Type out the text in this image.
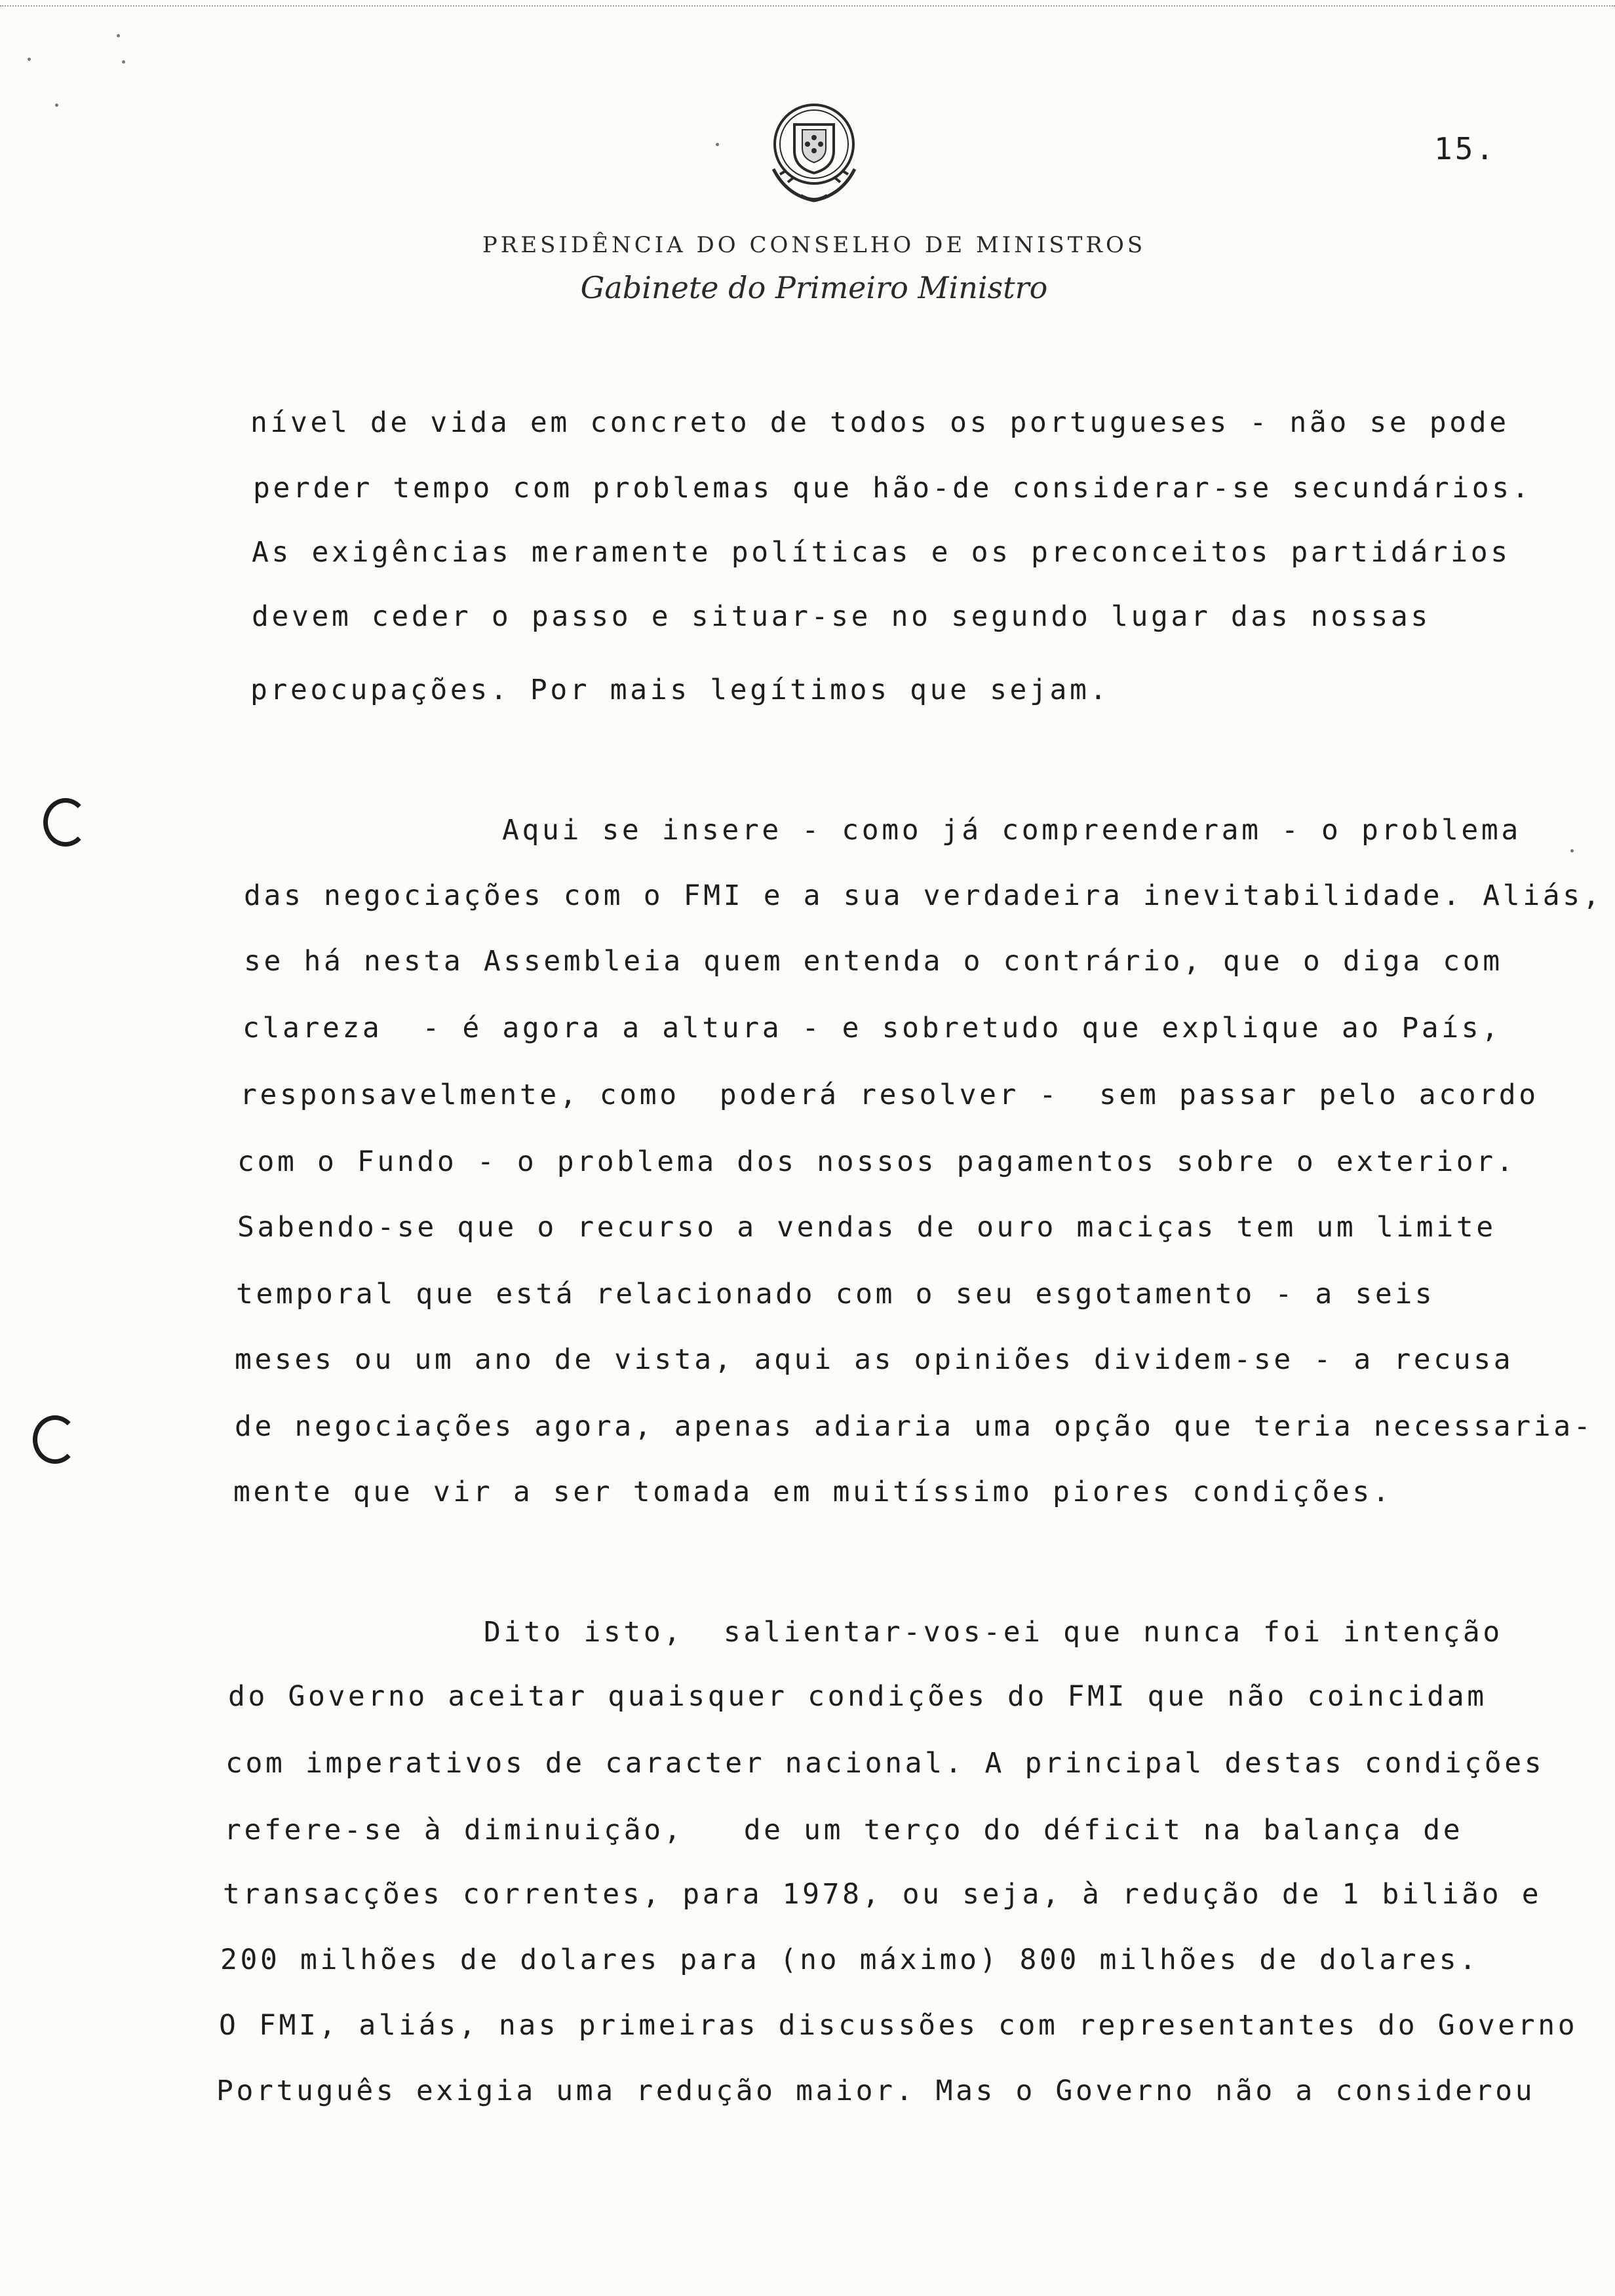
15.
PRESIDÊNCIA DO CONSELHO DE MINISTROS
Gabinete do Primeiro Ministro
nível de vida em concreto de todos os portugueses - não se pode
perder tempo com problemas que hão-de considerar-se secundários.
As exigências meramente políticas e os preconceitos partidários
devem ceder o passo e situar-se no segundo lugar das nossas
preocupações. Por mais legítimos que sejam.
Aqui se insere - como já compreenderam - o problema
das negociações com o FMI e a sua verdadeira inevitabilidade. Aliás,
se há nesta Assembleia quem entenda o contrário, que o diga com
clareza  - é agora a altura - e sobretudo que explique ao País,
responsavelmente, como  poderá resolver -  sem passar pelo acordo
com o Fundo - o problema dos nossos pagamentos sobre o exterior.
Sabendo-se que o recurso a vendas de ouro maciças tem um limite
temporal que está relacionado com o seu esgotamento - a seis
meses ou um ano de vista, aqui as opiniões dividem-se - a recusa
de negociações agora, apenas adiaria uma opção que teria necessaria-
mente que vir a ser tomada em muitíssimo piores condições.
Dito isto,  salientar-vos-ei que nunca foi intenção
do Governo aceitar quaisquer condições do FMI que não coincidam
com imperativos de caracter nacional. A principal destas condições
refere-se à diminuição,   de um terço do déficit na balança de
transacções correntes, para 1978, ou seja, à redução de 1 bilião e
200 milhões de dolares para (no máximo) 800 milhões de dolares.
O FMI, aliás, nas primeiras discussões com representantes do Governo
Português exigia uma redução maior. Mas o Governo não a considerou
